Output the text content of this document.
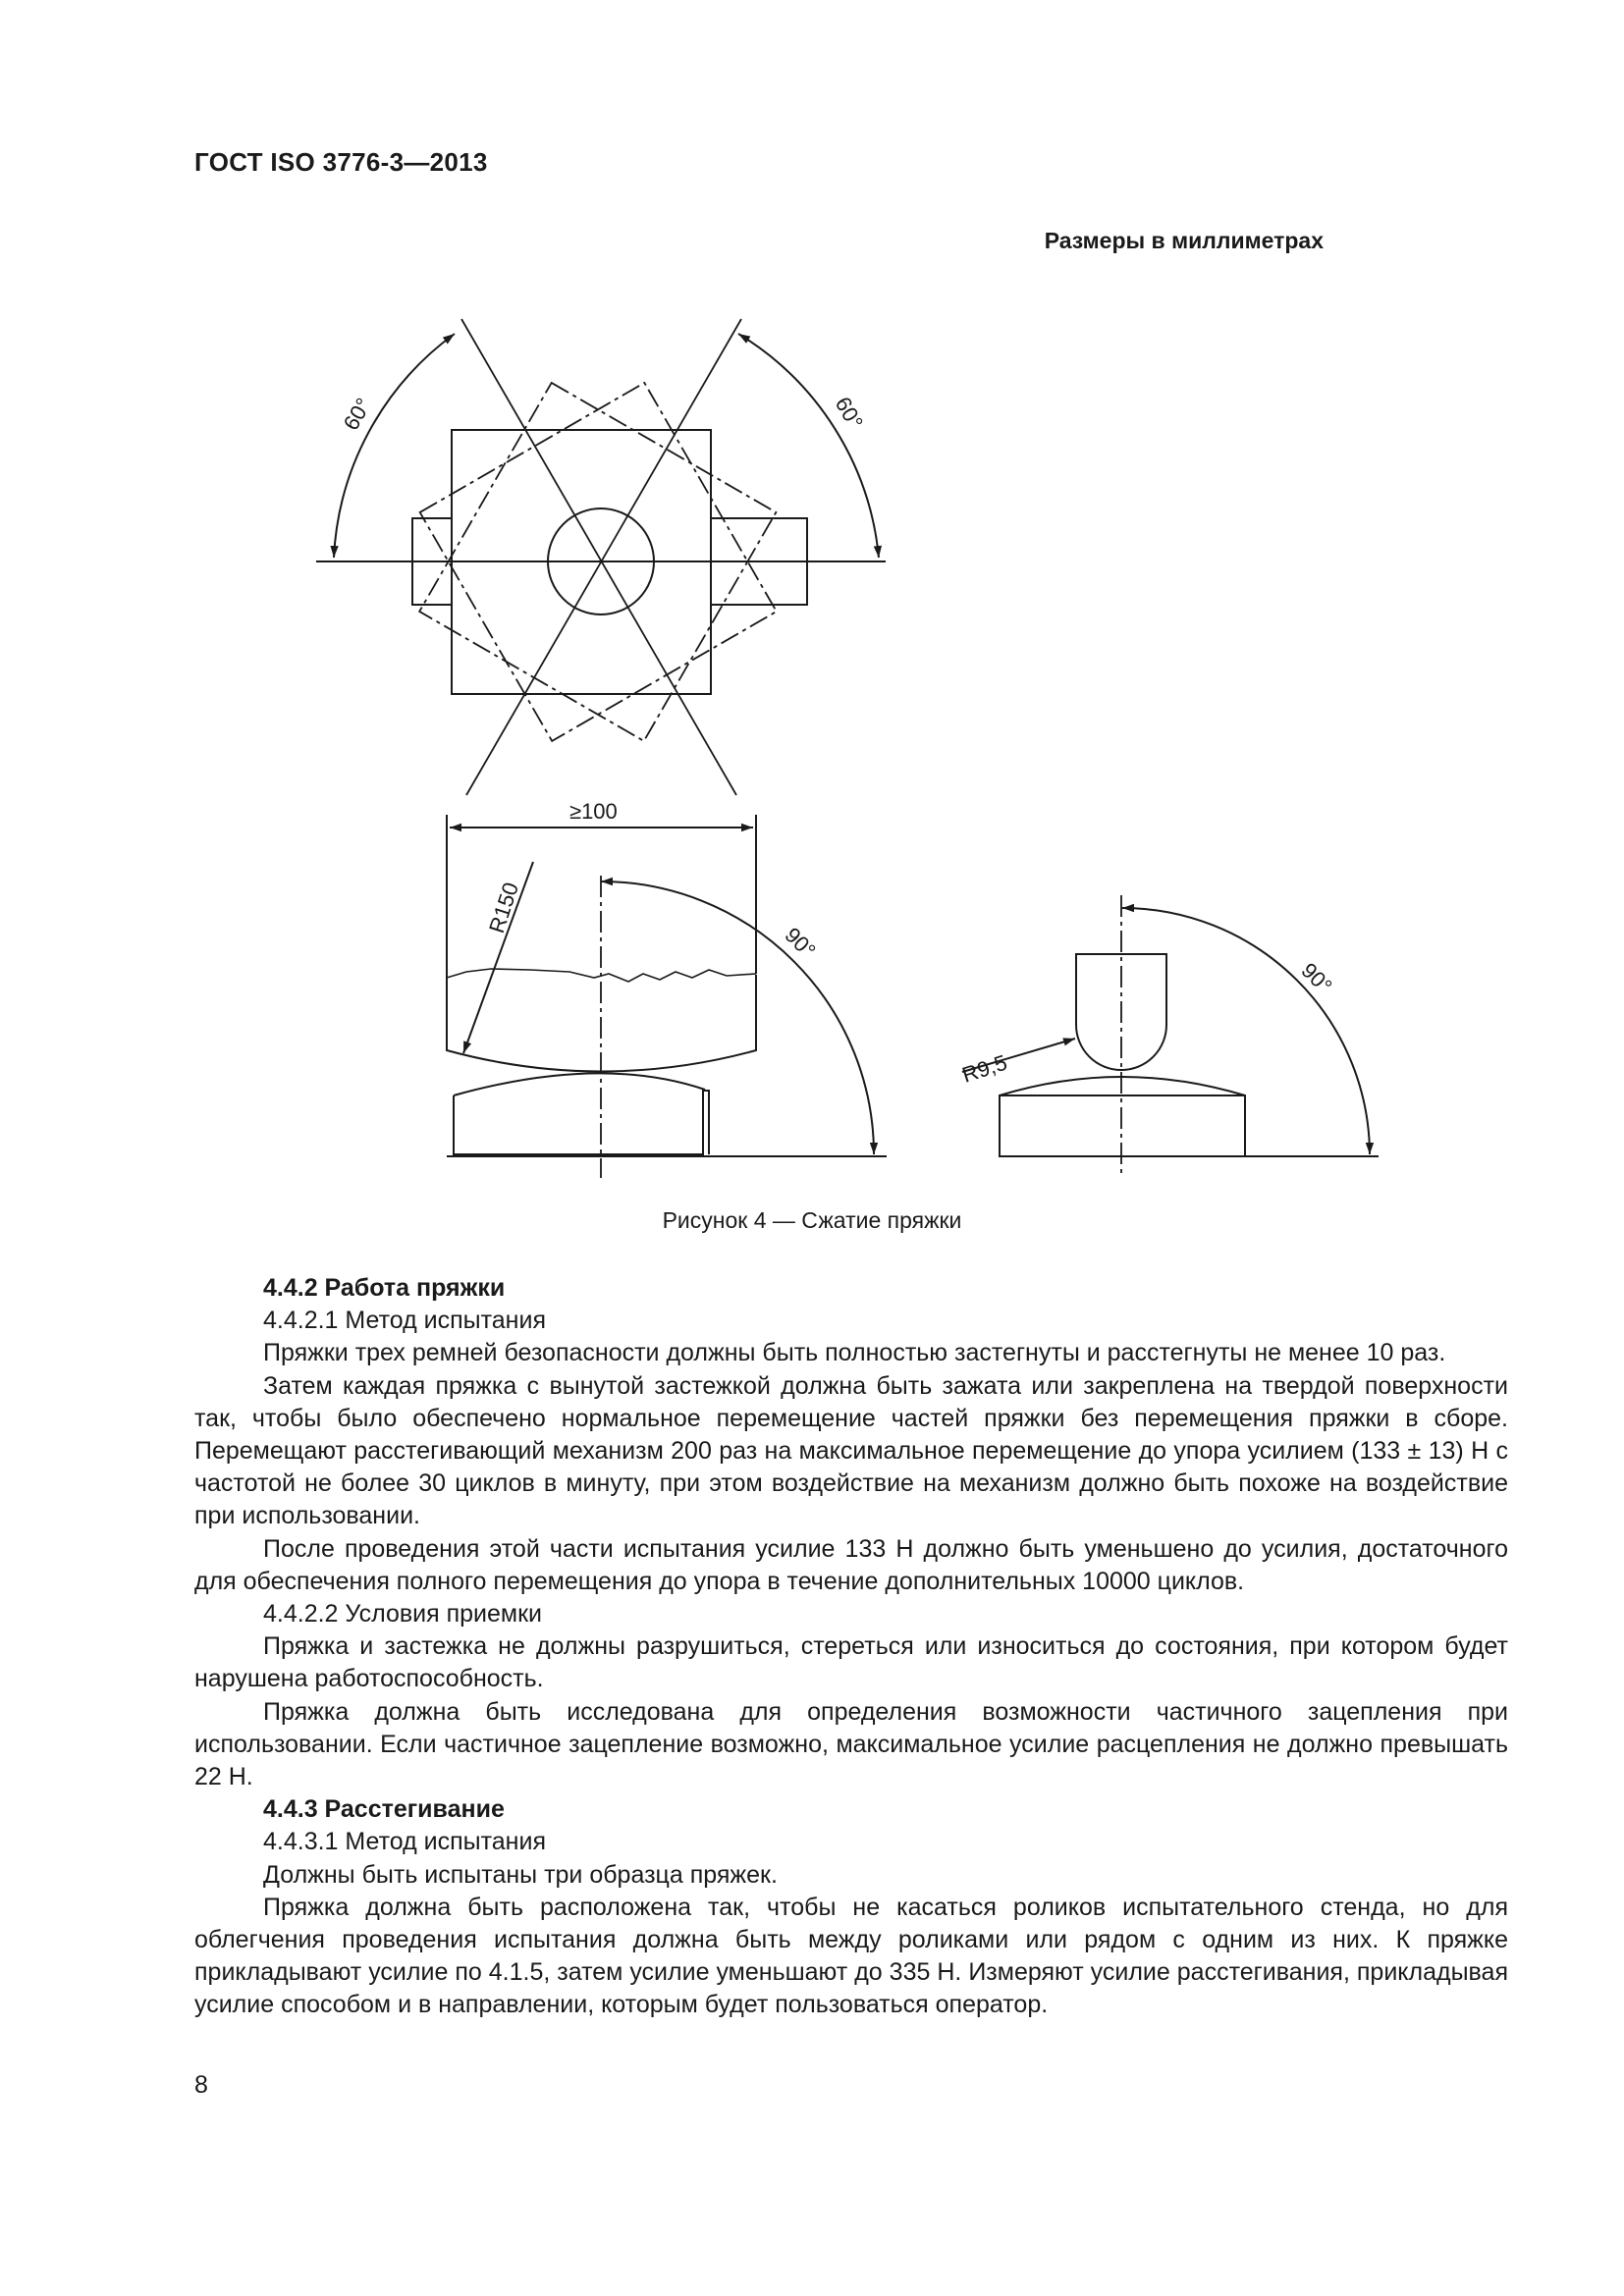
ГОСТ ISO 3776-3—2013
Размеры в миллиметрах
60°	60°
≥100
R150
90°
R9,5
90°
Рисунок 4 — Сжатие пряжки

4.4.2 Работа пряжки

4.4.2.1 Метод испытания

Пряжки трех ремней безопасности должны быть полностью застегнуты и расстегнуты не менее 10 раз.

Затем каждая пряжка с вынутой застежкой должна быть зажата или закреплена на твердой поверхности так, чтобы было обеспечено нормальное перемещение частей пряжки без перемещения пряжки в сборе. Перемещают расстегивающий механизм 200 раз на максимальное перемещение до упора усилием (133 ± 13) Н с частотой не более 30 циклов в минуту, при этом воздействие на механизм должно быть похоже на воздействие при использовании.

После проведения этой части испытания усилие 133 Н должно быть уменьшено до усилия, достаточного для обеспечения полного перемещения до упора в течение дополнительных 10000 циклов.

4.4.2.2 Условия приемки

Пряжка и застежка не должны разрушиться, стереться или износиться до состояния, при котором будет нарушена работоспособность.

Пряжка должна быть исследована для определения возможности частичного зацепления при использовании. Если частичное зацепление возможно, максимальное усилие расцепления не должно превышать 22 Н.

4.4.3 Расстегивание

4.4.3.1 Метод испытания

Должны быть испытаны три образца пряжек.

Пряжка должна быть расположена так, чтобы не касаться роликов испытательного стенда, но для облегчения проведения испытания должна быть между роликами или рядом с одним из них. К пряжке прикладывают усилие по 4.1.5, затем усилие уменьшают до 335 Н. Измеряют усилие расстегивания, прикладывая усилие способом и в направлении, которым будет пользоваться оператор.

8
